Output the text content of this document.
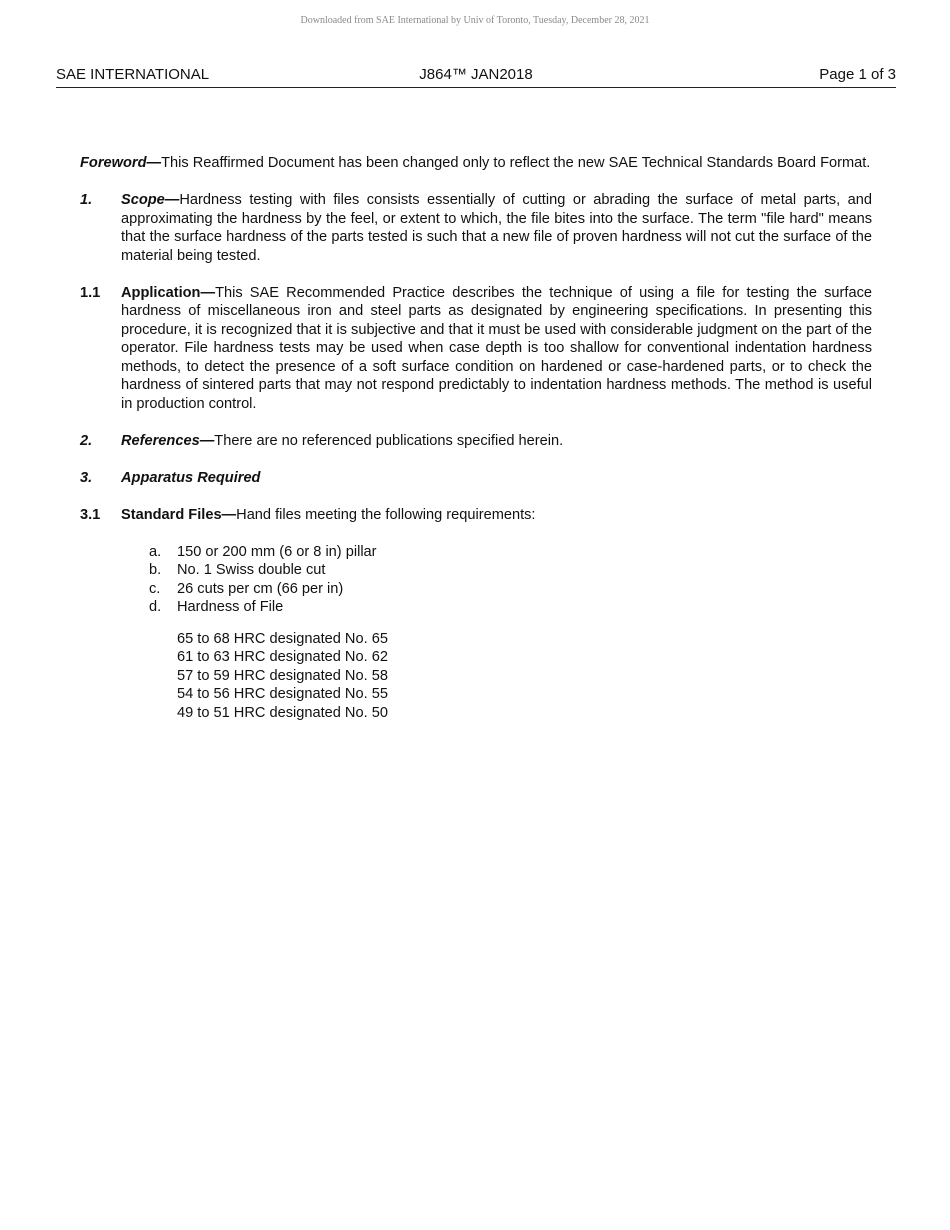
Downloaded from SAE International by Univ of Toronto, Tuesday, December 28, 2021
J864™ JAN2018
SAE INTERNATIONAL	Page 1 of 3

Foreword—This Reaffirmed Document has been changed only to reflect the new SAE Technical Standards Board Format.

1.	Scope—Hardness testing with files consists essentially of cutting or abrading the surface of metal parts, and approximating the hardness by the feel, or extent to which, the file bites into the surface. The term "file hard" means that the surface hardness of the parts tested is such that a new file of proven hardness will not cut the surface of the material being tested.
1.1	Application—This SAE Recommended Practice describes the technique of using a file for testing the surface hardness of miscellaneous iron and steel parts as designated by engineering specifications. In presenting this procedure, it is recognized that it is subjective and that it must be used with considerable judgment on the part of the operator. File hardness tests may be used when case depth is too shallow for conventional indentation hardness methods, to detect the presence of a soft surface condition on hardened or case-hardened parts, or to check the hardness of sintered parts that may not respond predictably to indentation hardness methods. The method is useful in production control.
2.	References—There are no referenced publications specified herein.
3.	Apparatus Required
3.1	Standard Files—Hand files meeting the following requirements:
a.	150 or 200 mm (6 or 8 in) pillar
b.	No. 1 Swiss double cut
c.	26 cuts per cm (66 per in)
d.	Hardness of File
65 to 68 HRC designated No. 65
61 to 63 HRC designated No. 62
57 to 59 HRC designated No. 58
54 to 56 HRC designated No. 55
49 to 51 HRC designated No. 50
